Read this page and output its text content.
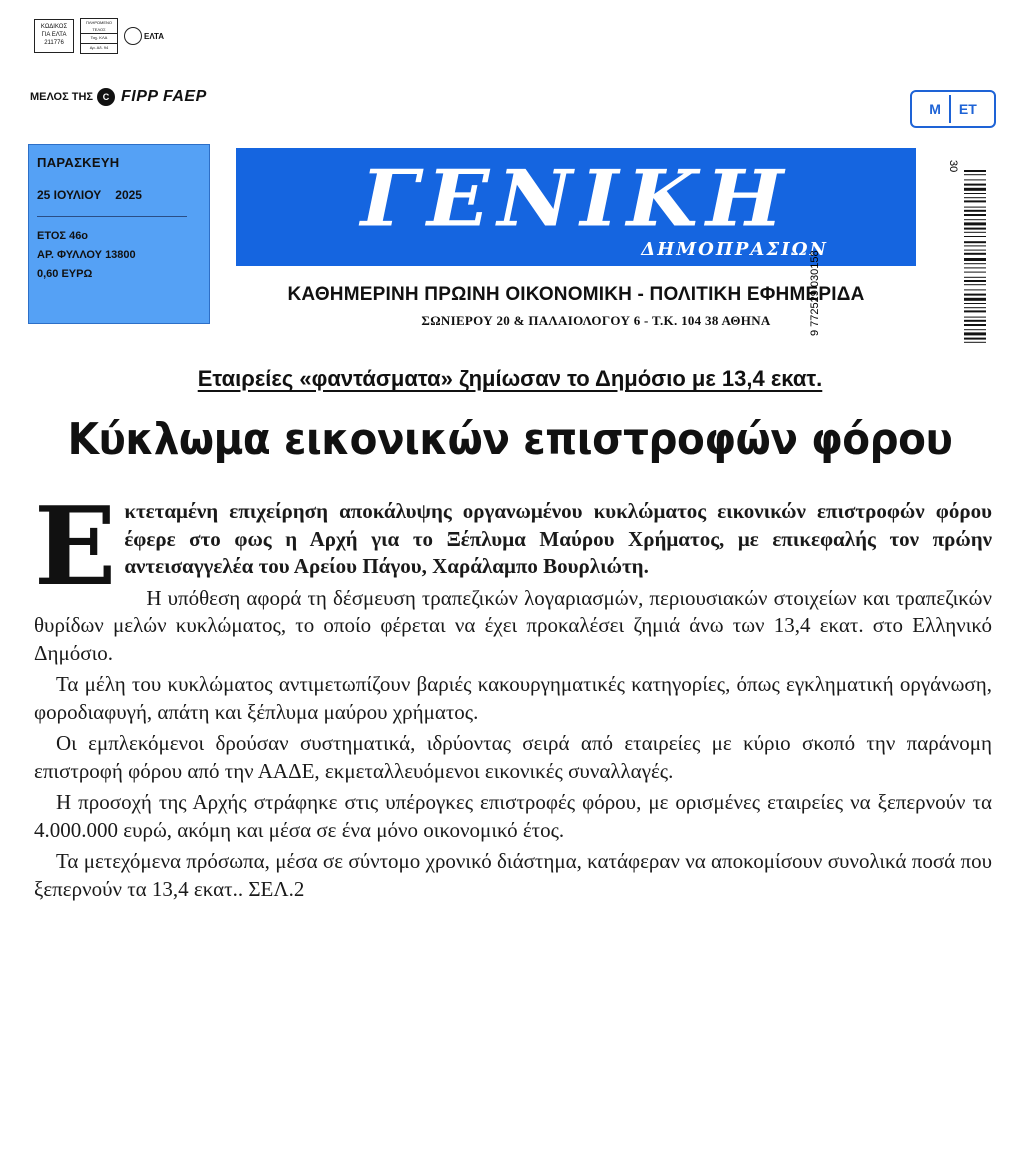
ΚΩΔΙΚΟΣ
ΓΙΑ ΕΛΤΑ
211776
ΠΛΗΡΩΜΕΝΟ ΤΕΛΟΣ
Ταχ. ΚΛΑ
Αρ. Αδ. 94
ΕΛΤΑ
ΜΕΛΟΣ ΤΗΣ	C FIPP FAEP
Μ ΕΤ
ΠΑΡΑΣΚΕΥΗ
25 ΙΟΥΛΙΟΥ 2025
ΕΤΟΣ 46ο
ΑΡ. ΦΥΛΛΟΥ 13800
0,60 ΕΥΡΩ
ΓΕΝΙΚΗ
ΔΗΜΟΠΡΑΣΙΩΝ
ΚΑΘΗΜΕΡΙΝΗ ΠΡΩΙΝΗ ΟΙΚΟΝΟΜΙΚΗ - ΠΟΛΙΤΙΚΗ ΕΦΗΜΕΡΙΔΑ
ΣΩΝΙΕΡΟΥ 20 & ΠΑΛΑΙΟΛΟΓΟΥ 6 - Τ.Κ. 104 38 ΑΘΗΝΑ
30
9 772529 030158
Εταιρείες «φαντάσματα» ζημίωσαν το Δημόσιο με 13,4 εκατ.
Κύκλωμα εικονικών επιστροφών φόρου
Εκτεταμένη επιχείρηση αποκάλυψης οργανωμένου κυκλώματος εικονικών επιστροφών φόρου έφερε στο φως η Αρχή για το Ξέπλυμα Μαύρου Χρήματος, με επικεφαλής τον πρώην αντεισαγγελέα του Αρείου Πάγου, Χαράλαμπο Βουρλιώτη.

Η υπόθεση αφορά τη δέσμευση τραπεζικών λογαριασμών, περιουσιακών στοιχείων και τραπεζικών θυρίδων μελών κυκλώματος, το οποίο φέρεται να έχει προκαλέσει ζημιά άνω των 13,4 εκατ. στο Ελληνικό Δημόσιο.

Τα μέλη του κυκλώματος αντιμετωπίζουν βαριές κακουργηματικές κατηγορίες, όπως εγκληματική οργάνωση, φοροδιαφυγή, απάτη και ξέπλυμα μαύρου χρήματος.

Οι εμπλεκόμενοι δρούσαν συστηματικά, ιδρύοντας σειρά από εταιρείες με κύριο σκοπό την παράνομη επιστροφή φόρου από την ΑΑΔΕ, εκμεταλλευόμενοι εικονικές συναλλαγές.

Η προσοχή της Αρχής στράφηκε στις υπέρογκες επιστροφές φόρου, με ορισμένες εταιρείες να ξεπερνούν τα 4.000.000 ευρώ, ακόμη και μέσα σε ένα μόνο οικονομικό έτος.

Τα μετεχόμενα πρόσωπα, μέσα σε σύντομο χρονικό διάστημα, κατάφεραν να αποκομίσουν συνολικά ποσά που ξεπερνούν τα 13,4 εκατ.. ΣΕΛ.2
